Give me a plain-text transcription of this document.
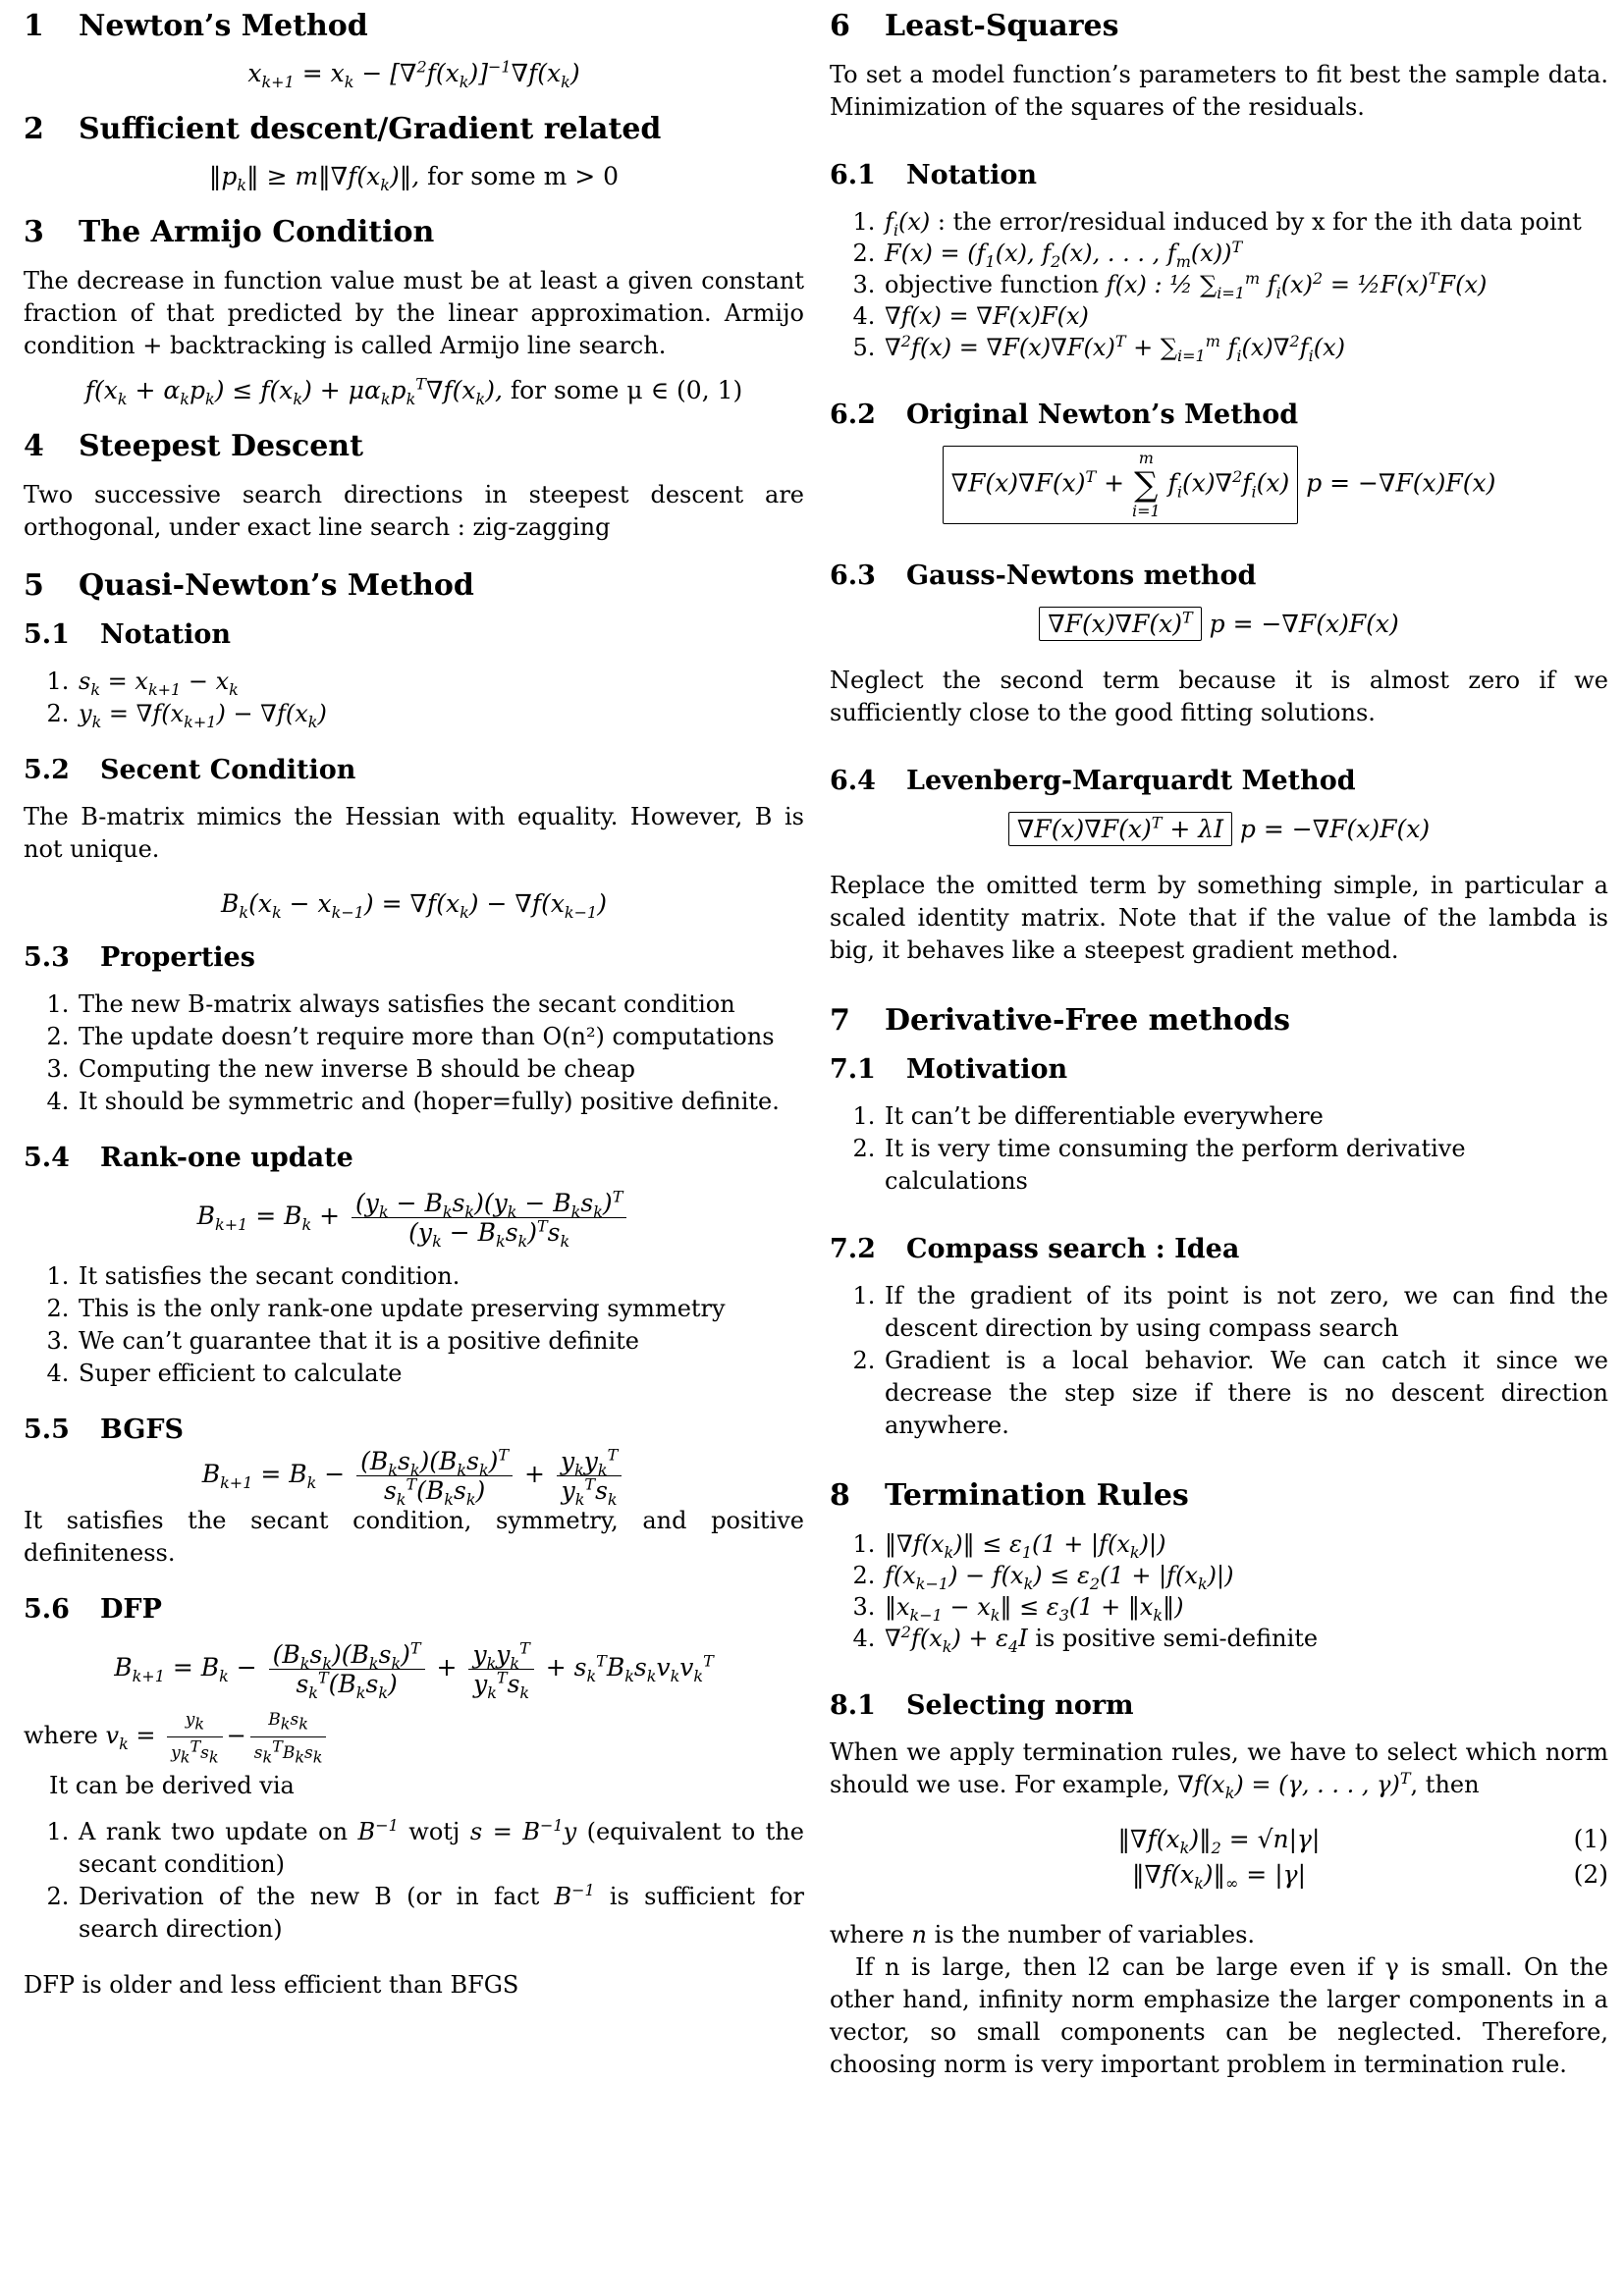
1 Newton’s Method
$x_{k+1} = x_k - [\nabla^2f(x_k)]^{-1}\nabla f(x_k)$
2 Sufficient descent/Gradient related
$‖p_k‖$ ≥ $m‖\nabla f(x_k)‖$, for some m > 0
3 The Armijo Condition

The decrease in function value must be at least a given constant fraction of that predicted by the linear approximation. Armijo condition + backtracking is called Armijo line search.

$f(x_k + \alpha_kp_k) \le f(x_k) + \mu\alpha_kp_k^T\nabla f(x_k)$, for some μ ∈ (0, 1)
4 Steepest Descent

Two successive search directions in steepest descent are orthogonal, under exact line search : zig-zagging

5 Quasi-Newton’s Method
5.1 Notation
1. $s_k = x_{k+1} - x_k$
2. $y_k = \nabla f(x_{k+1}) - \nabla f(x_k)$
5.2 Secent Condition

The B-matrix mimics the Hessian with equality. However, B is not unique.

$B_k(x_k - x_{k-1}) = \nabla f(x_k) - \nabla f(x_{k-1})$
5.3 Properties
1. The new B-matrix always satisfies the secant condition
2. The update doesn’t require more than O(n²) computations
3. Computing the new inverse B should be cheap
4. It should be symmetric and (hoper=fully) positive definite.
5.4 Rank-one update
$B_{k+1} = B_k + \frac{(y_k - B_ks_k)(y_k - B_ks_k)^T}{(y_k - B_ks_k)^Ts_k}$
1. It satisfies the secant condition.
2. This is the only rank-one update preserving symmetry
3. We can’t guarantee that it is a positive definite
4. Super efficient to calculate
5.5 BGFS
$B_{k+1} = B_k - \frac{(B_ks_k)(B_ks_k)^T}{s_k^T(B_ks_k)} + \frac{y_ky_k^T}{y_k^Ts_k}$

It satisfies the secant condition, symmetry, and positive definiteness.

5.6 DFP
$B_{k+1} = B_k - \frac{(B_ks_k)(B_ks_k)^T}{s_k^T(B_ks_k)} + \frac{y_ky_k^T}{y_k^Ts_k} + s_k^TB_ks_kv_kv_k^T$
where $v_k = \frac{y_k}{y_k^Ts_k} - \frac{B_ks_k}{s_k^TB_ks_k}$

It can be derived via

1. A rank two update on $B^{-1}$ wotj $s = B^{-1}y$ (equivalent to the secant condition)
2. Derivation of the new B (or in fact $B^{-1}$ is sufficient for search direction)

DFP is older and less efficient than BFGS

6 Least-Squares

To set a model function’s parameters to fit best the sample data. Minimization of the squares of the residuals.

6.1 Notation
1. $f_i(x)$ : the error/residual induced by x for the ith data point
2. $F(x) = (f_1(x)$, $f_2(x)$, . . . , $f_m(x))^T$
3. objective function f(x) : ½ $\sum_{i=1}^m$ $f_i(x)^2$ = $\frac{1}{2}F(x)^TF(x)$
4. ∇f(x) = ∇F(x)F(x)
5. $\nabla^2f(x) = \nabla F(x)\nabla F(x)^T + \sum_{i=1}^m$ $f_i(x)\nabla^2f_i(x)$
6.2 Original Newton’s Method
$\nabla F(x)\nabla F(x)^T$ +
m
∑
i=1
$f_i(x)\nabla^2f_i(x) p = -\nabla F(x)F(x)$
6.3 Gauss-Newtons method
$\nabla F(x)\nabla F(x)^T$ p = −∇F(x)F(x)

Neglect the second term because it is almost zero if we sufficiently close to the good fitting solutions.

6.4 Levenberg-Marquardt Method
$\nabla F(x)\nabla F(x)^T + \lambda I$ p = −∇F(x)F(x)

Replace the omitted term by something simple, in particular a scaled identity matrix. Note that if the value of the lambda is big, it behaves like a steepest gradient method.

7 Derivative-Free methods
7.1 Motivation
1. It can’t be differentiable everywhere
2. It is very time consuming the perform derivative calculations
7.2 Compass search : Idea
1. If the gradient of its point is not zero, we can find the descent direction by using compass search
2. Gradient is a local behavior. We can catch it since we decrease the step size if there is no descent direction anywhere.
8 Termination Rules
1. $‖\nabla f(x_k)‖ \le \varepsilon_1(1 + |f(x_k)|)$
2. $f(x_{k-1}) - f(x_k) \le \varepsilon_2(1 + |f(x_k)|)$
3. $‖x_{k-1}$ − $x_k‖ \le \varepsilon_3(1$ + $‖x_k‖$)
4. $\nabla^2f(x_k) + \varepsilon_4I$ is positive semi-definite
8.1 Selecting norm

When we apply termination rules, we have to select which norm should we use. For example, $\nabla f(x_k) = (\gamma$, . . . , γ)$^T$, then

$‖\nabla f(x_k)‖_2 = √n|\gamma|$	(1)
$‖\nabla f(x_k)‖_\infty = |\gamma|$	(2)

where n is the number of variables.

If n is large, then l2 can be large even if γ is small. On the other hand, infinity norm emphasize the larger components in a vector, so small components can be neglected. Therefore, choosing norm is very important problem in termination rule.
